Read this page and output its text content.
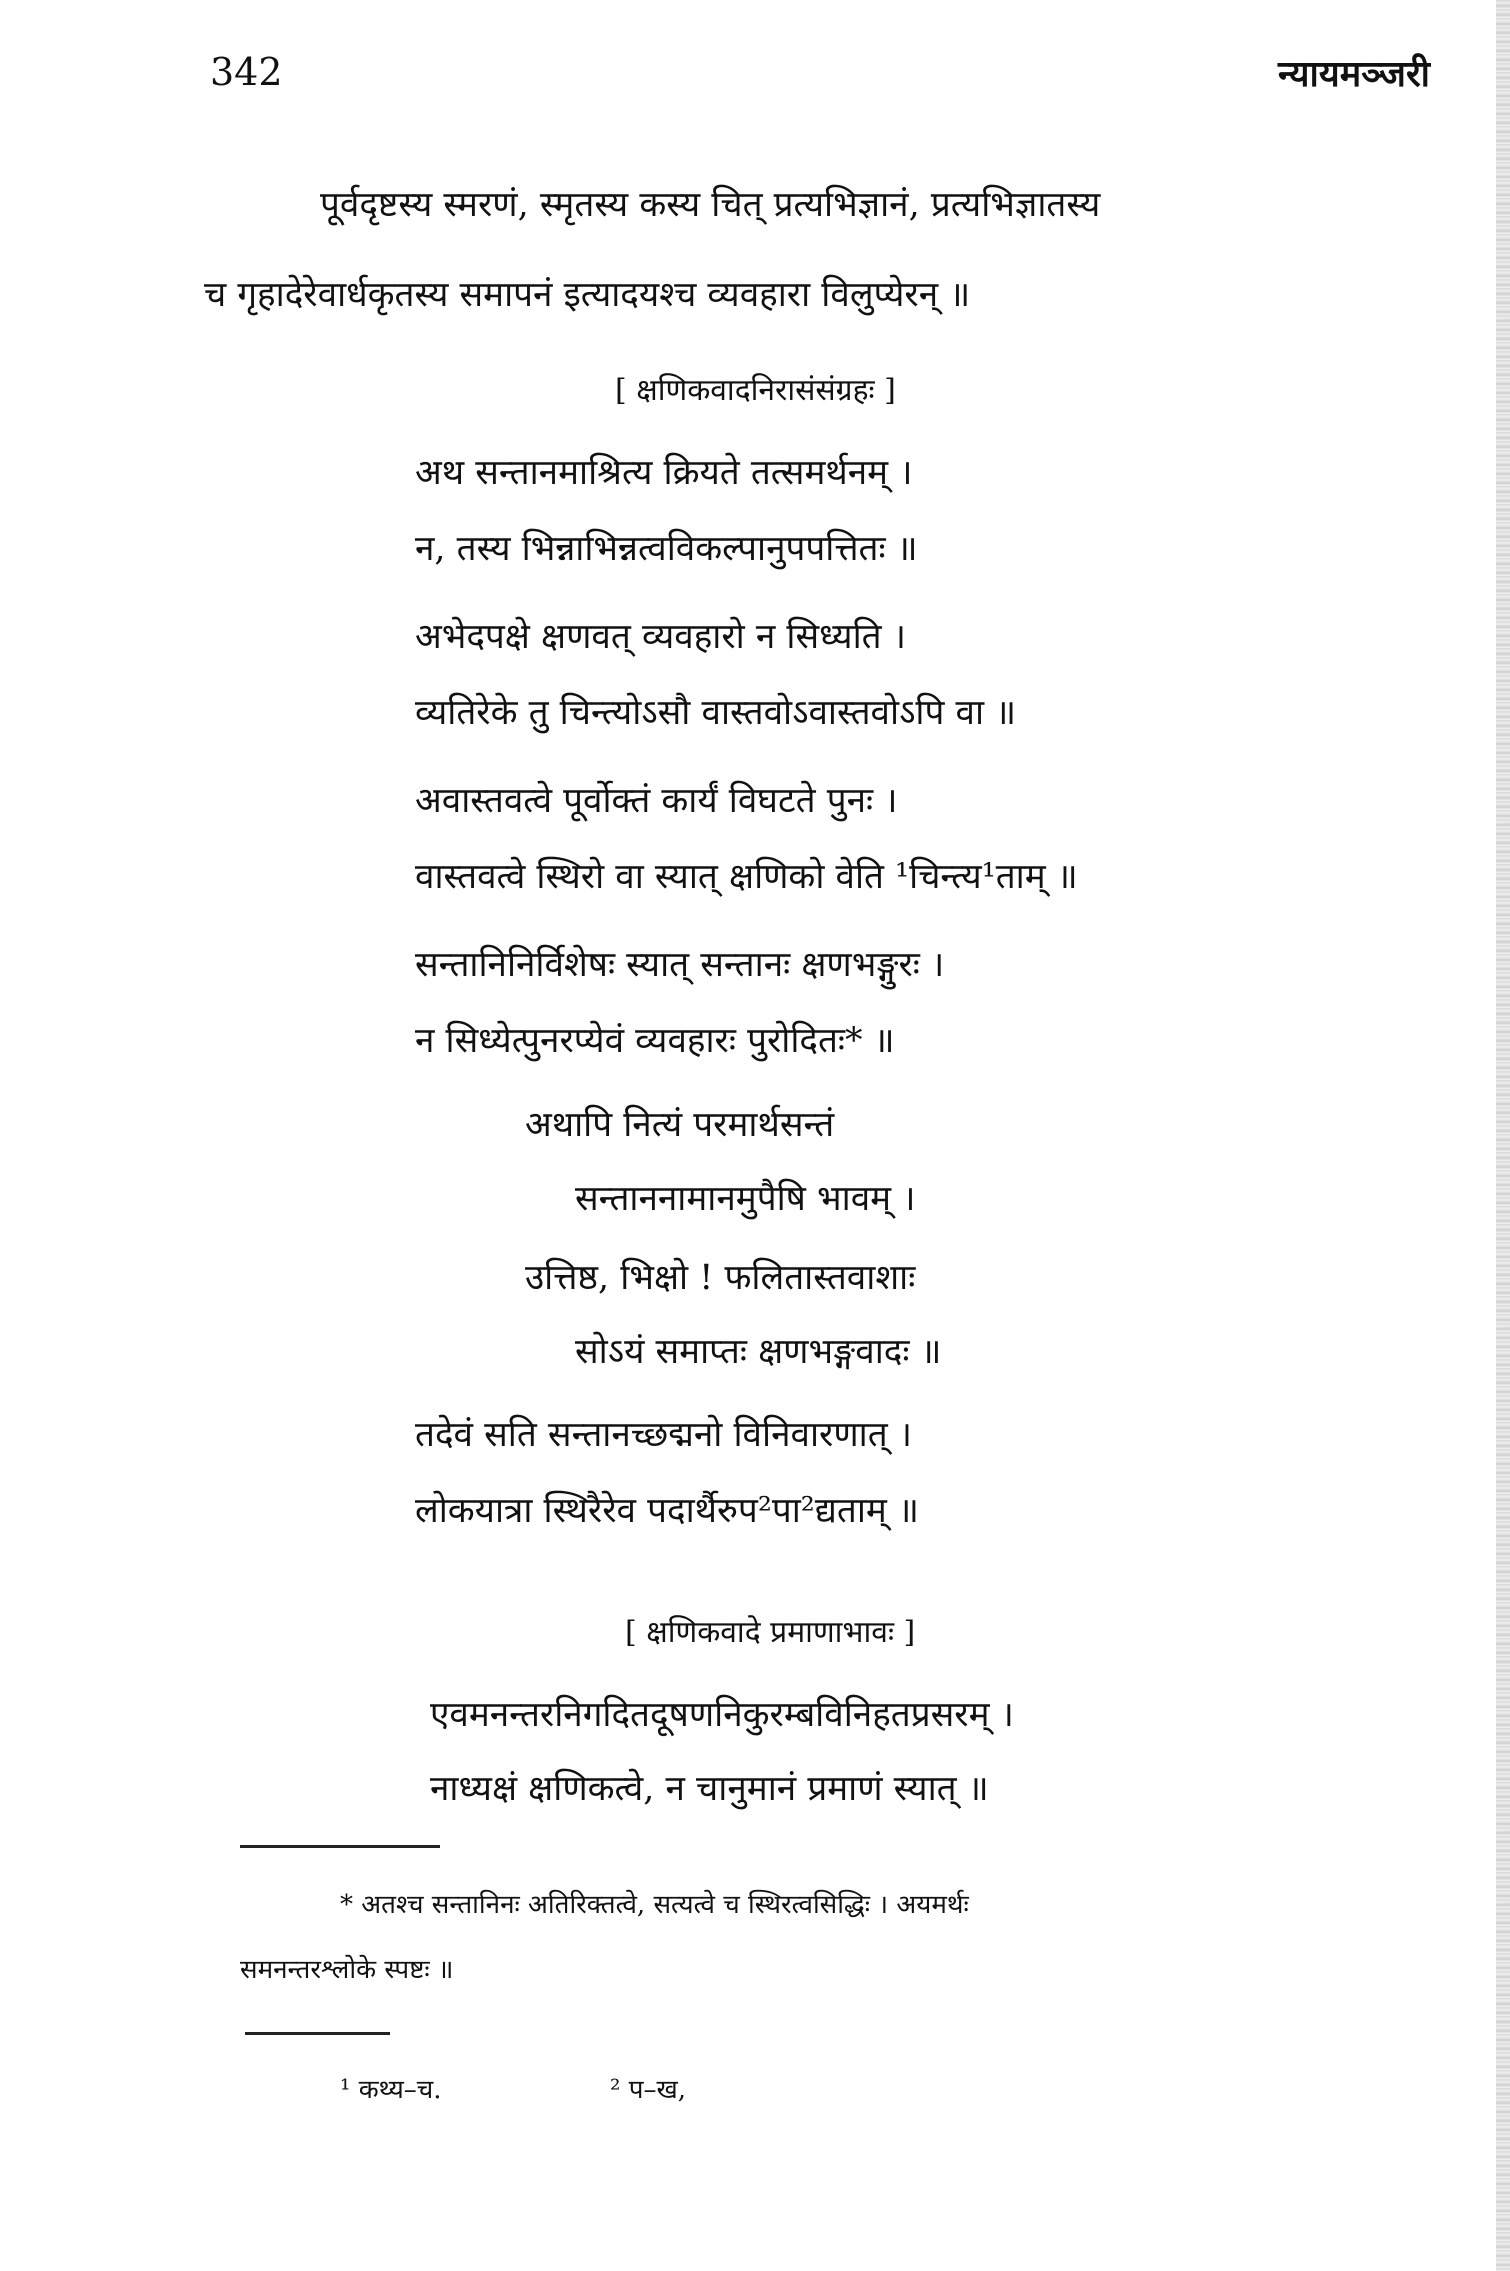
342	न्यायमञ्जरी
पूर्वदृष्टस्य स्मरणं, स्मृतस्य कस्य चित् प्रत्यभिज्ञानं, प्रत्यभिज्ञातस्य
च गृहादेरेवार्धकृतस्य समापनं इत्यादयश्च व्यवहारा विलुप्येरन् ॥
[ क्षणिकवादनिरासंसंग्रहः ]
अथ सन्तानमाश्रित्य क्रियते तत्समर्थनम् ।
न, तस्य भिन्नाभिन्नत्वविकल्पानुपपत्तितः ॥
अभेदपक्षे क्षणवत् व्यवहारो न सिध्यति ।
व्यतिरेके तु चिन्त्योऽसौ वास्तवोऽवास्तवोऽपि वा ॥
अवास्तवत्वे पूर्वोक्तं कार्यं विघटते पुनः ।
वास्तवत्वे स्थिरो वा स्यात् क्षणिको वेति ¹चिन्त्य¹ताम् ॥
सन्तानिनिर्विशेषः स्यात् सन्तानः क्षणभङ्गुरः ।
न सिध्येत्पुनरप्येवं व्यवहारः पुरोदितः* ॥
अथापि नित्यं परमार्थसन्तं
सन्ताननामानमुपैषि भावम् ।
उत्तिष्ठ, भिक्षो ! फलितास्तवाशाः
सोऽयं समाप्तः क्षणभङ्गवादः ॥
तदेवं सति सन्तानच्छद्मनो विनिवारणात् ।
लोकयात्रा स्थिरैरेव पदार्थैरुप²पा²द्यताम् ॥
[ क्षणिकवादे प्रमाणाभावः ]
एवमनन्तरनिगदितदूषणनिकुरम्बविनिहतप्रसरम् ।
नाध्यक्षं क्षणिकत्वे, न चानुमानं प्रमाणं स्यात् ॥
* अतश्च सन्तानिनः अतिरिक्तत्वे, सत्यत्वे च स्थिरत्वसिद्धिः । अयमर्थः
समनन्तरश्लोके स्पष्टः ॥
¹ कथ्य–च.	² प–ख,
